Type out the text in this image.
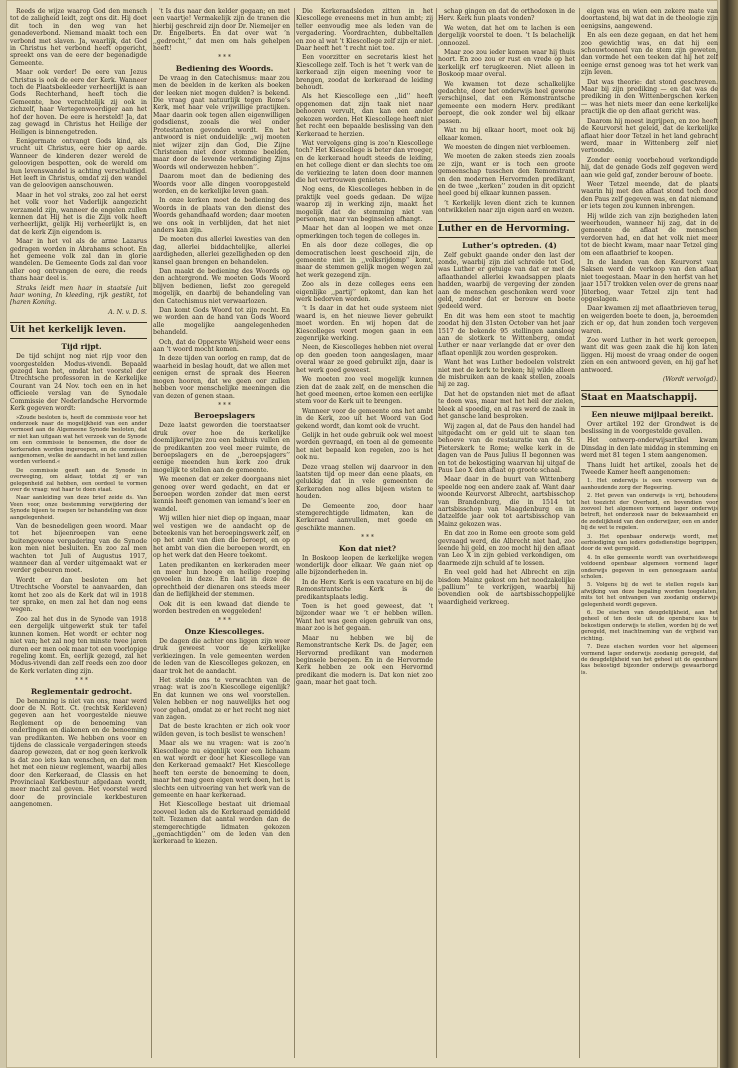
Reeds de wijze waarop God den mensch tot de zaligheid leidt, zegt ons dit. Hij doet dit toch in den weg van het genadeverbond. Niemand maakt toch een verbond met slaven. Ja, waarlijk, dat God in Christus het verbond heeft opgericht, spreekt ons van de eere der begenadigde Gemeente.

Maar ook verder! De eere van Jezus Christus is ook de eere der Kerk. Wanneer toch de Plaatsbekleeder verheerlijkt is aan Gods Rechterhand, heeft toch die Gemeente, hoe verachtelijk zij ook in zichzelf, haar Vertegenwoordiger aan het hof der hoven. De eere is hersteld! Ja, dat zag gewagd in Christus het Heilige der Heiligen is binnengetreden.

Eenigermate ontvangt Gods kind, als vrucht uit Christus, eere hier op aarde. Wanneer de kinderen dezer wereld de geloovigen bespotten, ook de wereld om hun levenswandel is achting verschuldigd. Het leeft in Christus, omdat zij den wandel van de geloovigen aanschouwen.

Maar in het vol straks, zoo zal het eerst het volk voor het Vaderlijk aangezicht verzameld zijn, wanneer de engelen zullen kennen dat Hij het is die Zijn volk heeft verheerlijkt, gelijk Hij verheerlijkt is, en dat de kerk Zijn eigendom is.

Maar in het vol als de arme Lazarus gedragen worden in Abrahams schoot. En het gemeene volk zal dan in glorie wandelen. De Gemeente Gods zal dan voor aller oog ontvangen de eere, die reeds thans haar deel is.

Straks leidt men haar in staatsie [uit haar woning, In kleeding, rijk gestikt, tot [haren Koning.

A. N. v. D. S.

Uit het kerkelijk leven.

Tijd rijpt.

De tijd schijnt nog niet rijp voor den voorgestelden Modus-vivendi. Bepaald gezegd kan het, omdat het voorstel der Utrechtsche professoren in de Kerkelijke Courant van 24 Nov. toch een en in het officieele verslag van de Synodale Commissie der Nederlandsche Hervormde Kerk gegeven wordt:

»Zoude besloten is, heeft de commissie voor het onderzoek naar de mogelijkheid van een ander vermoed aan de Algemeene Synode besloten, dat er niet kan uitgaan wat het verzoek van de Synode om een commissie te benoemen, die door de kerkeraden worden ingeroepen, en de commissie aangenomen, welke de aandacht in het land zullen worden verleend.«

De commissie geeft aan de Synode in overweging, om aldaar, totdat zij er van gelegenheid zal hebben, een oordeel te vormen over de vraag: wat haar te doen staat.

Naar aanleiding van deze brief zeide ds. Van Veen voor, onze bestemming verwijdering der Synode bijeen te roepen ter behandeling van deze aangelegenheid.

Van de besnedeligen geen woord. Maar tot het bijeenroepen van eene buitengewone vergadering van de Synode kon men niet besluiten. En zoo zal men wachten tot Juli of Augustus 1917, wanneer dan al verder uitgemaakt wat er verder gebeuren moet.

Wordt er dan besloten om het Utrechtsche Voorstel te aanvaarden, dan komt het zoo als de Kerk dat wil in 1918 ter sprake, en men zal het dan nog eens wegen.

Zoo zal het dus in de Synode van 1918 een dergelijk uitgewerkt stuk ter tafel kunnen komen. Het wordt er echter nog niet van; het zal nog ten minste twee jaren duren eer men ook maar tot een voorlopige regeling komt. En, eerlijk gezegd, zal het Modus-vivendi dan zelf reeds een zoo door de Kerk verlaten ding zijn.

* * *

Reglementair gedrocht.

De benaming is niet van ons, maar werd door de N. Rott. Ct. (rechtsk Kerkleven) gegeven aan het voorgestelde nieuwe Reglement op de benoeming van onderlingen en diakenen en de benoeming van predikanten. We hebben ons voor en tijdens de classicale vergaderingen steeds daarop gewezen, dat er nog geen kerkvolk is dat zoo iets kan wenschen, en dat men het met een nieuw reglement, waarbij alles door den Kerkeraad, de Classis en het Provinciaal Kerkbestuur afgedaan wordt, meer macht zal geven. Het voorstel werd door de provinciale kerkbesturen aangenomen.

't Is dus naar den kelder gegaan; en met een vaartje! Vermakelijk zijn de tranen die hierbij geschreid zijn door Dr. Niemeijer en Dr. Engelberts. En dat over wat ’n ,,gedrocht,’’ dat men om hals gehelpen heeft!

* * *

Bediening des Woords.

De vraag in den Catechismus: maar zou men de beelden in de kerken als boeken der leeken niet mogen dulden? is bekend. Die vraag gaat natuurlijk tegen Rome’s Kerk, met haar vele vrijwillige practijken. Maar daarin ook tegen allen eigenwilligen godsdienst, zooals die wel onder Protestanten gevonden wordt. En het antwoord is niet onduidelijk: ,,wij moeten niet wijzer zijn dan God, Die Zijne Christenen niet door stomme beelden, maar door de levende verkondiging Zijns Woords wil onderwezen hebben’’.

Daarom moet dan de bediening des Woords voor alle dingen vooropgesteld worden, en de kerkelijke leven gaan.

In onze kerken moet de bediening des Woords in de plaats van den dienst des Woords gehandhaafd worden; daar moeten we ons ook in verblijden, dat het niet anders kan zijn.

De moeten dus allerlei kwesties van den dag, allerlei biddachtelijke, allerlei aardigheden, allerlei gezelligheden op den kansel gaan brengen en behandelen.

Dan maakt de bediening des Woords op den achtergrond. We moeten Gods Woord blijven bedienen, liefst zoo geregeld mogelijk, en daarbij de behandeling van den Catechismus niet verwaarlozen.

Dan komt Gods Woord tot zijn recht. En we worden aan de hand van Gods Woord alle mogelijke aangelegenheden behandeld.

Och, dat de Opperste Wijsheid weer eens aan ’t woord mocht komen.

In deze tijden van oorlog en ramp, dat de waarheid in beslag houdt, dat we allen met eenigen ernst de spraak des Heeren mogen hooren, dat we geen oor zullen hebben voor menschelijke meeningen die van dezen of genen staan.

* * *

Beroepslagers

Deze laatst geworden die toerstaatser druk over hoe de kerkelijke doemlijkerwijze zou een bakhuis vullen en de predikanten zoo veel meer ruimte, de beroepslagers en de ,,beroepsjagers’’ eenige meenden hun kerk zoo druk mogelijk te stellen aan de gemeente.

We meenen dat er zeker doorgaans niet genoeg over werd gedacht, en dat er beroepen worden zonder dat men eerst kennis heeft genomen van iemand’s leer en wandel.

Wij willen hier niet diep op ingaan, maar wel vestigen we de aandacht op de beteekenis van het beroepingswerk zelf, en op het ambt van dien die beroept, en op het ambt van dien die beroepen wordt, en op het werk dat den Heere toekomt.

Laten predikanten en kerkeraden meer en meer hun hooge en heilige roeping gevoelen in deze. En laat in deze de oprechtheid der dienaren ons steeds meer dan de lieflijkheid der stemmen.

Ook dit is een kwaad dat diende te worden bestreden en weggeleden!

* * *

Onze Kiescolleges.

De dagen die achter ons liggen zijn weer druk geweest voor de kerkelijke verkiezingen. In vele gemeenten werden de leden van de Kiescolleges gekozen, en daar trok het de aandacht.

Het stelde ons te verwachten van de vraag: wat is zoo’n Kiescollege eigenlijk? En dat kunnen we ons wel voorstellen. Velen hebben er nog nauwelijks het oog voor gehad, omdat ze er het recht nog niet van zagen.

Dat de beste krachten er zich ook voor wilden geven, is toch beslist te wenschen!

Maar als we nu vragen: wat is zoo’n Kiescollege nu eigenlijk voor een lichaam en wat wordt er door het Kiescollege van den Kerkeraad gemaakt? Het Kiescollege heeft ten eerste de benoeming te doen, maar het mag geen eigen werk doen, het is slechts een uitvoering van het werk van de gemeente en haar kerkeraad.

Het Kiescollege bestaat uit driemaal zooveel leden als de Kerkeraad gemiddeld telt. Tezamen dat aantal worden dan de stemgerechtigde lidmaten gekozen ,,gemachtigden’’ om de leden van den kerkeraad te kiezen.

Die Kerkeraadsleden zitten in het Kiescollege eveneens met in hun ambt; zij teller eenvoudig mee als leden van de vergadering. Voordrachten, dubbeltallen en zoo al wat ’t Kiescollege zelf zijn er niet. Daar heeft het ’t recht niet toe.

Een voorzitter en secretaris kiest het Kiescollege zelf. Toch is het ’t werk van de kerkeraad zijn eigen meening voor te brengen, zoodat de kerkeraad de leiding behoudt.

Als het Kiescollege een ,,lid’’ heeft opgenomen dat zijn taak niet naar behooren vervult, dan kan een ander gekozen worden. Het Kiescollege heeft niet het recht een bepaalde beslissing van den Kerkeraad te herzien.

Wat vervolgens ging is zoo’n Kiescollege toch? Het Kiescollege is beter dan vroeger, en de kerkeraad houdt steeds de leiding, en het college dient er dan slechts toe om de verkiezing te laten doen door mannen die het vertrouwen genieten.

Nog eens, de Kiescolleges hebben in de praktijk veel goeds gedaan. De wijze waarop zij in werking zijn, maakt het mogelijk dat de stemming niet van personen, maar van beginselen afhangt.

Maar het dan al loopen we met onze opmerkingen toch tegen de colleges in.

En als door deze colleges, die op democratischen leest geschoeid zijn, de gemeente niet in ,,volksrijdomp’’ komt, maar de stemmen gelijk mogen wegen zal het werk gezegend zijn.

Zoo als in deze colleges eens een eigenlijke ,,partij’’ opkomt, dan kan het werk bedorven worden.

’t Is daar in dat het oude systeem niet waard is, en het nieuwe liever gebruikt moet worden. En wij hopen dat de Kiescolleges voort mogen gaan in een zegenrijke werking.

Neen, de Kiescolleges hebben niet overal op den goeden toon aangeslagen, maar overal waar ze goed gebruikt zijn, daar is het werk goed geweest.

We moeten zoo veel mogelijk kunnen zien dat de zaak zelf, en de menschen die het goed meenen, ertoe komen een eerlijke stem voor de Kerk uit te brengen.

Wanneer voor de gemeente ons het ambt in de Kerk, zoo uit het Woord van God gekend wordt, dan komt ook de vrucht.

Gelijk in het oude gebruik ook wel moest worden gevraagd, en toen al de gemeente het niet bepaald kon regelen, zoo is het ook nu.

Deze vraag stellen wij daarvoor in den laatsten tijd op meer dan eene plaats, en gelukkig dat in vele gemeenten de Kerkeraden nog alles bijeen wisten te houden.

De Gemeente zoo, door haar stemgerechtigde lidmaten, kan de Kerkeraad aanvullen, met goede en geschikte mannen.

* * *

Kon dat niet?

In Boskoop leopen de kerkelijke wegen wonderlijk door elkaar. We gaan niet op alle bijzonderheden in.

In de Herv. Kerk is een vacature en bij de Remonstrantsche Kerk is de predikantsplaats ledig.

Toen is het goed geweest, dat ’t bijzonder waar we ’t er hebben willen. Want het was geen eigen gebruik van ons, maar zoo is het gegaan.

Maar nu hebben we bij de Remonstrantsche Kerk Ds. de Jager, een Hervormd predikant van modernen beginsele beroepen. En in de Hervormde Kerk hebben ze ook een Hervormd predikant die modern is. Dat kon niet zoo gaan, maar het gaat toch.

schap gingen en dat de orthodoxen in de Herv. Kerk hun plaats vonden?

We weten, dat het om te lachen is een dergelijk voorstel te doen. ’t Is belachelijk ,onnoozel.

Maar zoo zou ieder komen waar hij thuis hoort. En zoo zou er rust en vrede op het kerkelijk erf terugkeeren. Niet alleen in Boskoop maar overal.

We kwamen tot deze schalkelijke gedachte, door het onderwijs heel gewone verschijnsel, dat een Remonstrantsche gemeente een modern Herv. predikant beroept, die ook zonder wel bij elkaar passen.

Wat nu bij elkaar hoort, moet ook bij elkaar komen.

We moesten de dingen niet verbloemen.

We moeten de zaken steeds zien zooals ze zijn, want er is toch een groote gemeenschap tusschen den Remonstrant en den modernen Hervormden predikant, en de twee ,,kerken’’ zouden in dit opzicht heel goed bij elkaar kunnen passen.

’t Kerkelijk leven dient zich te kunnen ontwikkelen naar zijn eigen aard en wezen.

Luther en de Hervorming.

Luther’s optreden. (4)

Zelf gebukt gaande onder den last der zonde, waarbij zijn ziel schreide tot God, was Luther er getuige van dat er met de aflaathandel allerlei kwaadsappen plaats hadden, waarbij de vergeving der zonden aan de menschen geschonken werd voor geld, zonder dat er berouw en boete gedeeld werd.

En dit was hem een stoot te machtig zoodat hij den 31sten October van het jaar 1517 de bekende 95 stellingen aansloeg aan de slotkerk te Wittenberg, omdat Luther er naar verlangde dat er over den aflaat openlijk zou worden gesproken.

Want het was Luther bedoelen volstrekt niet met de kerk te breken; hij wilde alleen de misbruiken aan de kaak stellen, zooals hij ze zag.

Dat het de opstanden niet met de aflaat te doen was, maar met het heil der zielen, bleek al spoedig, en al ras werd de zaak in het gansche land besproken.

Wij zagen al, dat de Paus den handel had uitgedacht om er geld uit te slaan ten behoeve van de restauratie van de St. Pieterskerk te Rome; welke kerk in de dagen van de Paus Julius II begonnen was en tot de bekostiging waarvan hij uitgaf de Paus Leo X den aflaat op groote schaal.

Maar daar in de buurt van Wittenberg speelde nog een andere zaak af. Want daar woonde Keurvorst Albrecht, aartsbisschop van Brandenburg, die in 1514 tot aartsbisschop van Maagdenburg en in datzelfde jaar ook tot aartsbisschop van Mainz gekozen was.

En dat zoo in Rome een groote som geld gevraagd werd, die Albrecht niet had, zoo leende hij geld, en zoo mocht hij den aflaat van Leo X in zijn gebied verkondigen, om daarmede zijn schuld af te lossen.

En veel geld had het Albrecht en zijn bisdom Mainz gekost om het noodzakelijke ,,pallium’’ te verkrijgen, waarbij hij bovendien ook de aartsbisschoppelijke waardigheid verkreeg.

eigen was en wien een zekere mate van doortastend, bij wat dat in de theologie zijn eenigsins, aangewend.

En als een deze gegaan, en dat het hem zoo gewichtig was, en dat hij een schouwtooneel van de stem zijn geweten, dan vormde het een teeken dat hij het zelf eenige ernst genoeg was tot het werk van zijn leven.

Dat was theorie: dat stond geschreven. Maar bij zijn prediking — en dat was de prediking in den Wittenbergschen kerken — was het niets meer dan eene kerkelijke practijk die op den aflaat gericht was.

Daarom hij moest ingrijpen, en zoo heeft de Keurvorst het geleid, dat de kerkelijke aflaat hier door Tetzel in het land gebracht werd, maar in Wittenberg zelf niet vertoonde.

Zonder eenig voorbehoud verkondigde hij, dat de genade Gods zelf gegeven werd aan wie geld gaf, zonder berouw of boete.

Weer Tetzel meende, dat de plaats waarin hij met den aflaat stond toch door den Paus zelf gegeven was, en dat niemand er iets tegen zou kunnen inbrengen.

Hij wilde zich van zijn bezigheden laten weerhouden, wanneer hij zag, dat in de gemeente de aflaat de menschen verdorven had, en dat het volk niet meer tot de biecht kwam, maar naar Tetzel ging om een aflaatbrief te koopen.

In de landen van den Keurvorst van Saksen werd de verkoop van den aflaat niet toegestaan. Maar in den herfst van het jaar 1517 trokken velen over de grens naar Jüterbog, waar Tetzel zijn tent had opgeslagen.

Daar kwamen zij met aflaatbrieven terug, en weigerden boete te doen, ja, beroemden zich er op, dat hun zonden toch vergeven waren.

Zoo werd Luther in het werk geroepen, want dit was geen zaak die hij kon laten liggen. Hij moest de vraag onder de oogen zien en een antwoord geven, en hij gaf het antwoord.

(Wordt vervolgd).

Staat en Maatschappij.

Een nieuwe mijlpaal bereikt.

Over artikel 192 der Grondwet is de beslissing in de voorgestelde gevallen.

Het ontwerp-onderwijsartikel kwam Dinsdag in den late middag in stemming en werd met 81 tegen 1 stem aangenomen.

Thans luidt het artikel, zooals het de Tweede Kamer heeft aangenomen:

1. Het onderwijs is een voorwerp van de aanhoudende zorg der Regeering.

2. Het geven van onderwijs is vrij, behoudens het toezicht der Overheid, en bovendien voor zooveel het algemeen vormend lager onderwijs betreft, het onderzoek naar de bekwaamheid en de zedelijkheid van den onderwijzer, een en ander bij de wet te regelen.

3. Het openbaar onderwijs wordt, met eerbiediging van ieders godsdienstige begrippen, door de wet geregeld.

4. In elke gemeente wordt van overheidswege voldoend openbaar algemeen vormend lager onderwijs gegeven in een genoegzaam aantal scholen.

5. Volgens bij de wet te stellen regels kan afwijking van deze bepaling worden toegelaten, mits tot het ontvangen van zoodanig onderwijs gelegenheid wordt gegeven.

6. De eischen van deugdelijkheid, aan het geheel of ten deele uit de openbare kas te bekostigen onderwijs te stellen, worden bij de wet geregeld, met inachtneming van de vrijheid van richting.

7. Deze eischen worden voor het algemeen vormend lager onderwijs zoodanig geregeld, dat de deugdelijkheid van het geheel uit de openbare kas bekostigd bijzonder onderwijs gewaarborgd is.
